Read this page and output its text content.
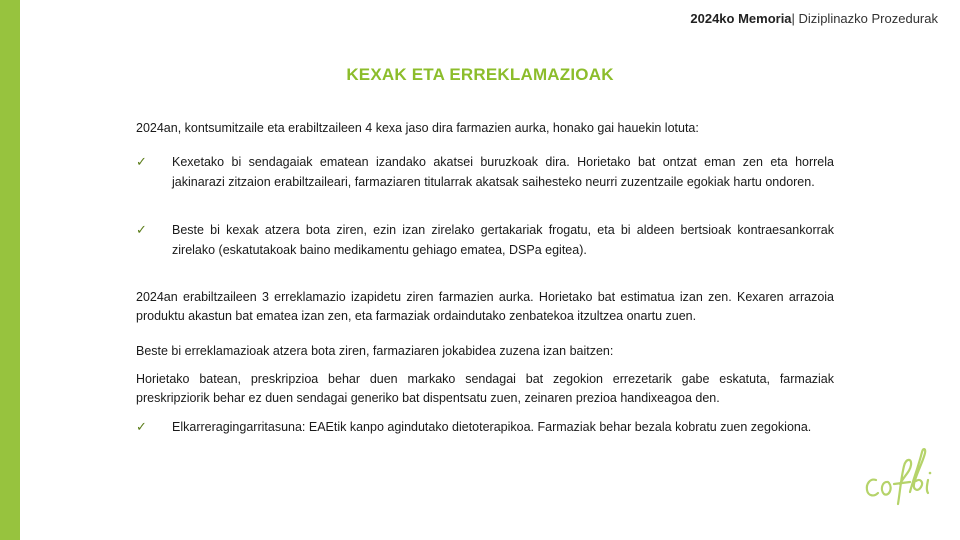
2024ko Memoria| Diziplinazko Prozedurak
KEXAK ETA ERREKLAMAZIOAK

2024an, kontsumitzaile eta erabiltzaileen 4 kexa jaso dira farmazien aurka, honako gai hauekin lotuta:

✓ Kexetako bi sendagaiak ematean izandako akatsei buruzkoak dira. Horietako bat ontzat eman zen eta horrela jakinarazi zitzaion erabiltzaileari, farmaziaren titularrak akatsak saihesteko neurri zuzentzaile egokiak hartu ondoren.

✓ Beste bi kexak atzera bota ziren, ezin izan zirelako gertakariak frogatu, eta bi aldeen bertsioak kontraesankorrak zirelako (eskatutakoak baino medikamentu gehiago ematea, DSPa egitea).

2024an erabiltzaileen 3 erreklamazio izapidetu ziren farmazien aurka. Horietako bat estimatua izan zen. Kexaren arrazoia produktu akastun bat ematea izan zen, eta farmaziak ordaindutako zenbatekoa itzultzea onartu zuen.

Beste bi erreklamazioak atzera bota ziren, farmaziaren jokabidea zuzena izan baitzen:

Horietako batean, preskripzioa behar duen markako sendagai bat zegokion errezetarik gabe eskatuta, farmaziak preskripziorik behar ez duen sendagai generiko bat dispentsatu zuen, zeinaren prezioa handixeagoa den.

✓ Elkarreragingarritasuna: EAEtik kanpo agindutako dietoterapikoa. Farmaziak behar bezala kobratu zuen zegokiona.
